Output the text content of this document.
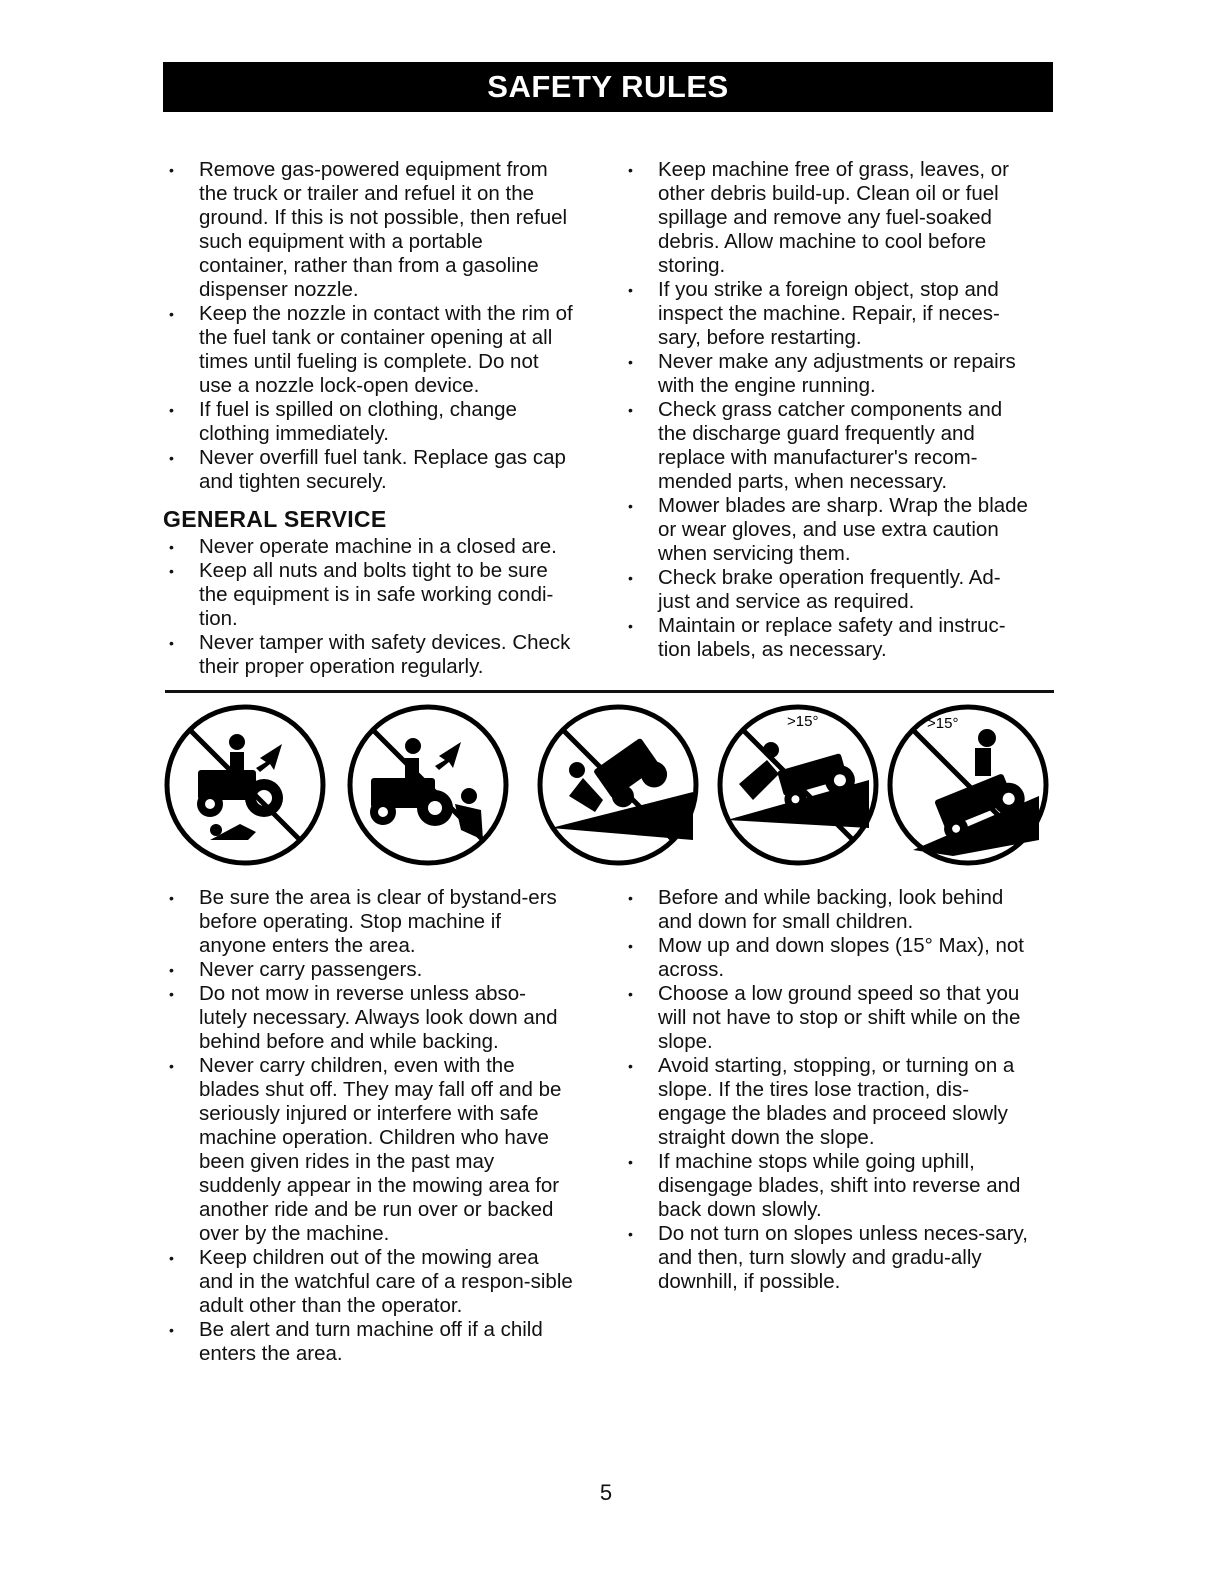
SAFETY RULES
• Remove gas-powered equipment from the truck or trailer and refuel it on the ground. If this is not possible, then refuel such equipment with a portable container, rather than from a gasoline dispenser nozzle.
• Keep the nozzle in contact with the rim of the fuel tank or container opening at all times until fueling is complete. Do not use a nozzle lock-open device.
• If fuel is spilled on clothing, change clothing immediately.
• Never overfill fuel tank. Replace gas cap and tighten securely.
GENERAL SERVICE
• Never operate machine in a closed are.
• Keep all nuts and bolts tight to be sure the equipment is in safe working condi-tion.
• Never tamper with safety devices. Check their proper operation regularly.
• Keep machine free of grass, leaves, or other debris build-up. Clean oil or fuel spillage and remove any fuel-soaked debris. Allow machine to cool before storing.
• If you strike a foreign object, stop and inspect the machine. Repair, if neces-sary, before restarting.
• Never make any adjustments or repairs with the engine running.
• Check grass catcher components and the discharge guard frequently and replace with manufacturer's recom-mended parts, when necessary.
• Mower blades are sharp. Wrap the blade or wear gloves, and use extra caution when servicing them.
• Check brake operation frequently. Ad-just and service as required.
• Maintain or replace safety and instruc-tion labels, as necessary.
>15°	>15°
• Be sure the area is clear of bystand-ers before operating. Stop machine if anyone enters the area.
• Never carry passengers.
• Do not mow in reverse unless abso-lutely necessary. Always look down and behind before and while backing.
• Never carry children, even with the blades shut off. They may fall off and be seriously injured or interfere with safe machine operation. Children who have been given rides in the past may suddenly appear in the mowing area for another ride and be run over or backed over by the machine.
• Keep children out of the mowing area and in the watchful care of a respon-sible adult other than the operator.
• Be alert and turn machine off if a child enters the area.
• Before and while backing, look behind and down for small children.
• Mow up and down slopes (15° Max), not across.
• Choose a low ground speed so that you will not have to stop or shift while on the slope.
• Avoid starting, stopping, or turning on a slope. If the tires lose traction, dis-engage the blades and proceed slowly straight down the slope.
• If machine stops while going uphill, disengage blades, shift into reverse and back down slowly.
• Do not turn on slopes unless neces-sary, and then, turn slowly and gradu-ally downhill, if possible.
5
